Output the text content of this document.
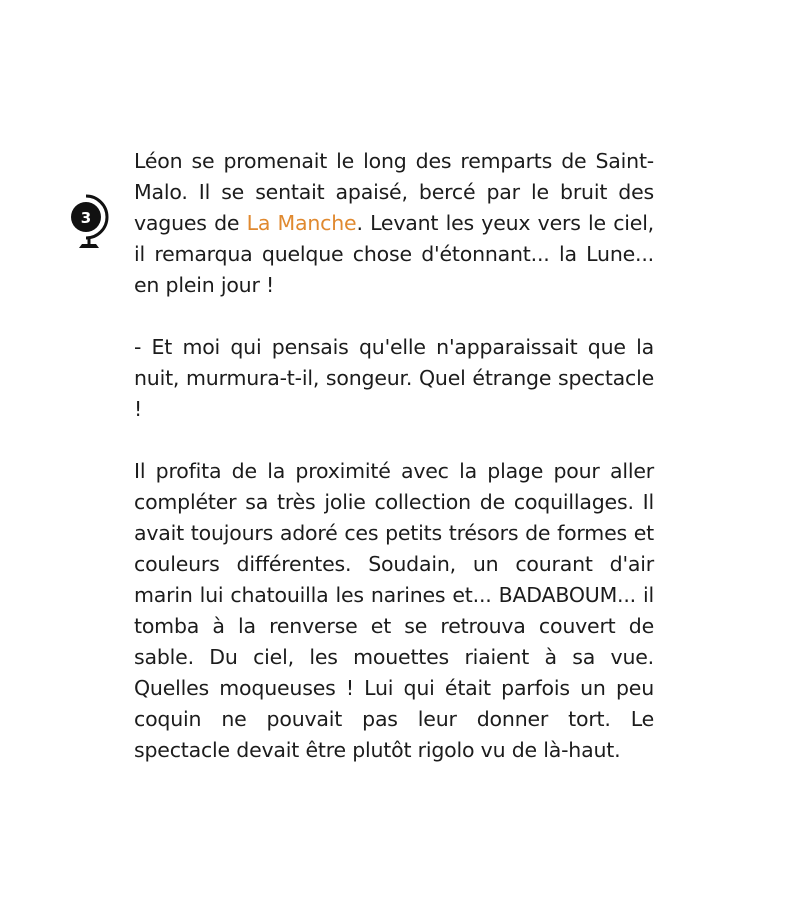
3

Léon se promenait le long des remparts de Saint-Malo. Il se sentait apaisé, bercé par le bruit des vagues de La Manche. Levant les yeux vers le ciel, il remarqua quelque chose d'étonnant... la Lune... en plein jour !

- Et moi qui pensais qu'elle n'apparaissait que la nuit, murmura-t-il, songeur. Quel étrange spectacle !

Il profita de la proximité avec la plage pour aller compléter sa très jolie collection de coquillages. Il avait toujours adoré ces petits trésors de formes et couleurs différentes. Soudain, un courant d'air marin lui chatouilla les narines et... BADABOUM... il tomba à la renverse et se retrouva couvert de sable. Du ciel, les mouettes riaient à sa vue. Quelles moqueuses ! Lui qui était parfois un peu coquin ne pouvait pas leur donner tort. Le spectacle devait être plutôt rigolo vu de là-haut.
